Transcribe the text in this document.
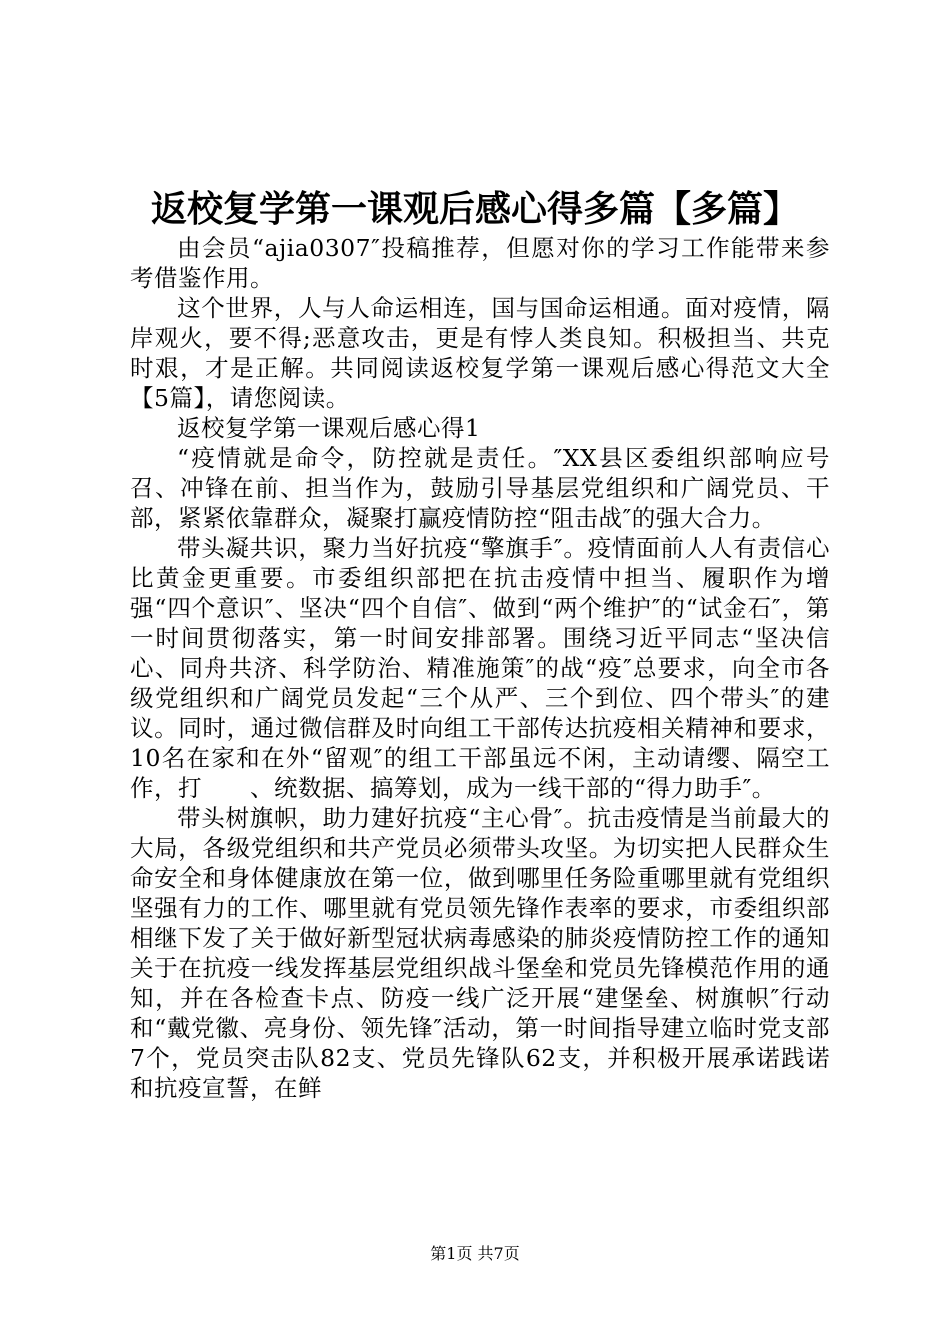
返校复学第一课观后感心得多篇【多篇】

由会员“ajia0307″投稿推荐，但愿对你的学习工作能带来参考借鉴作用。

这个世界，人与人命运相连，国与国命运相通。面对疫情，隔岸观火，要不得;恶意攻击，更是有悖人类良知。积极担当、共克时艰，才是正解。共同阅读返校复学第一课观后感心得范文大全【5篇】，请您阅读。

返校复学第一课观后感心得1

“疫情就是命令，防控就是责任。″XX县区委组织部响应号召、冲锋在前、担当作为，鼓励引导基层党组织和广阔党员、干部，紧紧依靠群众，凝聚打赢疫情防控“阻击战″的强大合力。

带头凝共识，聚力当好抗疫“擎旗手″。疫情面前人人有责信心比黄金更重要。市委组织部把在抗击疫情中担当、履职作为增强“四个意识″、坚决“四个自信″、做到“两个维护″的“试金石″，第一时间贯彻落实，第一时间安排部署。围绕习近平同志“坚决信心、同舟共济、科学防治、精准施策″的战“疫″总要求，向全市各级党组织和广阔党员发起“三个从严、三个到位、四个带头″的建议。同时，通过微信群及时向组工干部传达抗疫相关精神和要求，10名在家和在外“留观″的组工干部虽远不闲，主动请缨、隔空工作，打　　、统数据、搞筹划，成为一线干部的“得力助手″。

带头树旗帜，助力建好抗疫“主心骨″。抗击疫情是当前最大的大局，各级党组织和共产党员必须带头攻坚。为切实把人民群众生命安全和身体健康放在第一位，做到哪里任务险重哪里就有党组织坚强有力的工作、哪里就有党员领先锋作表率的要求，市委组织部相继下发了关于做好新型冠状病毒感染的肺炎疫情防控工作的通知关于在抗疫一线发挥基层党组织战斗堡垒和党员先锋模范作用的通知，并在各检查卡点、防疫一线广泛开展“建堡垒、树旗帜″行动和“戴党徽、亮身份、领先锋″活动，第一时间指导建立临时党支部7个，党员突击队82支、党员先锋队62支，并积极开展承诺践诺和抗疫宣誓，在鲜

第1页 共7页
